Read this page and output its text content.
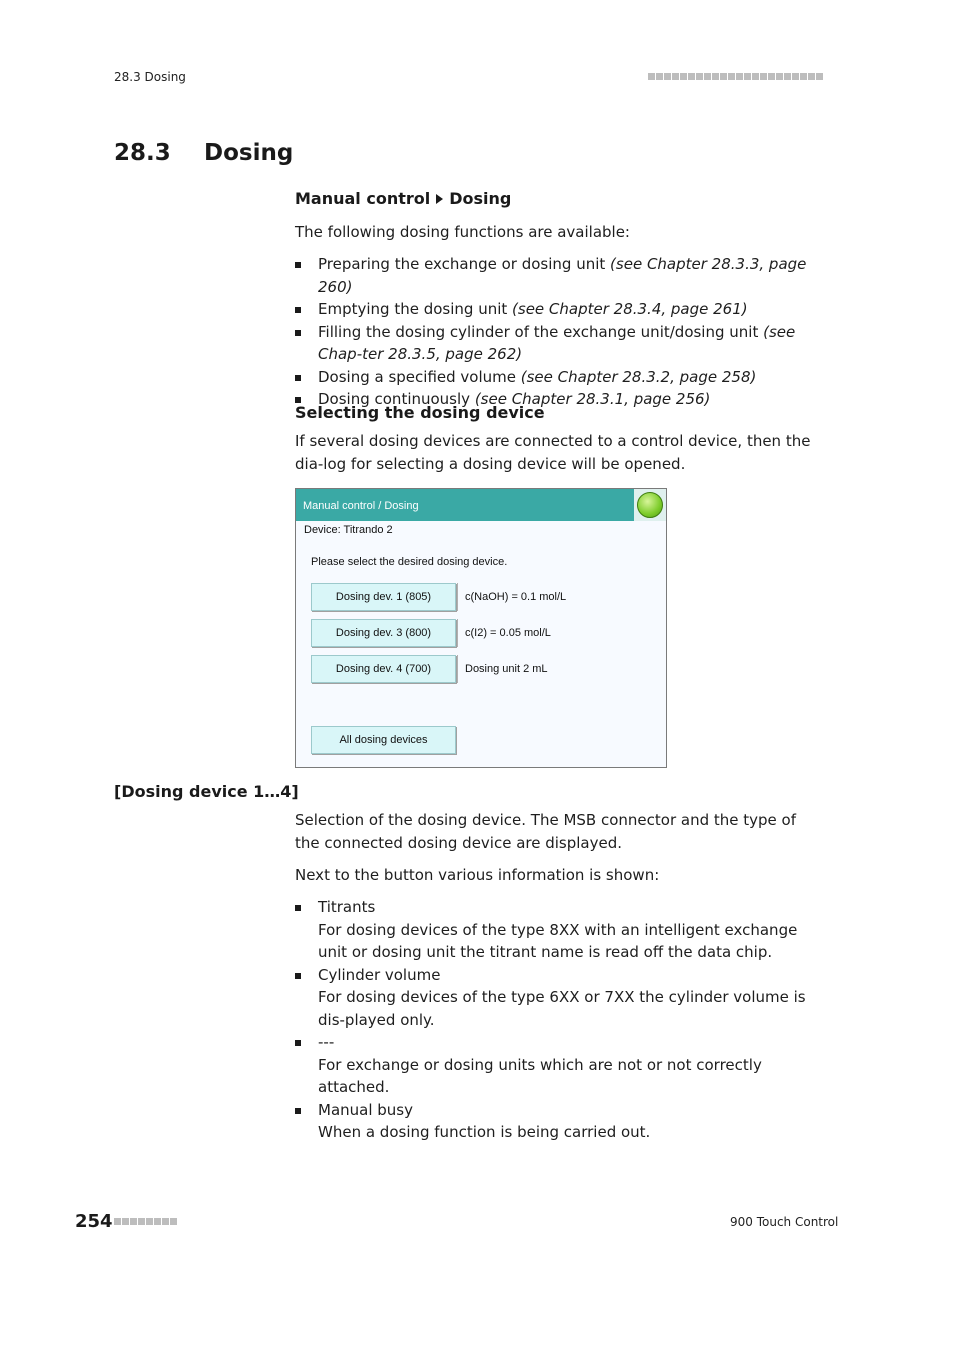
28.3 Dosing
28.3 Dosing
Manual control Dosing
The following dosing functions are available:
Preparing the exchange or dosing unit (see Chapter 28.3.3, page 260)
Emptying the dosing unit (see Chapter 28.3.4, page 261)
Filling the dosing cylinder of the exchange unit/dosing unit (see Chap-ter 28.3.5, page 262)
Dosing a specified volume (see Chapter 28.3.2, page 258)
Dosing continuously (see Chapter 28.3.1, page 256)
Selecting the dosing device
If several dosing devices are connected to a control device, then the dia-log for selecting a dosing device will be opened.
Manual control / Dosing
Device: Titrando 2
Please select the desired dosing device.
Dosing dev. 1 (805)	c(NaOH) = 0.1 mol/L
Dosing dev. 3 (800)	c(I2) = 0.05 mol/L
Dosing dev. 4 (700)	Dosing unit 2 mL
All dosing devices
[Dosing device 1…4]
Selection of the dosing device. The MSB connector and the type of the connected dosing device are displayed.
Next to the button various information is shown:
Titrants
For dosing devices of the type 8XX with an intelligent exchange unit or dosing unit the titrant name is read off the data chip.
Cylinder volume
For dosing devices of the type 6XX or 7XX the cylinder volume is dis-played only.
---
For exchange or dosing units which are not or not correctly attached.
Manual busy
When a dosing function is being carried out.
254	900 Touch Control
